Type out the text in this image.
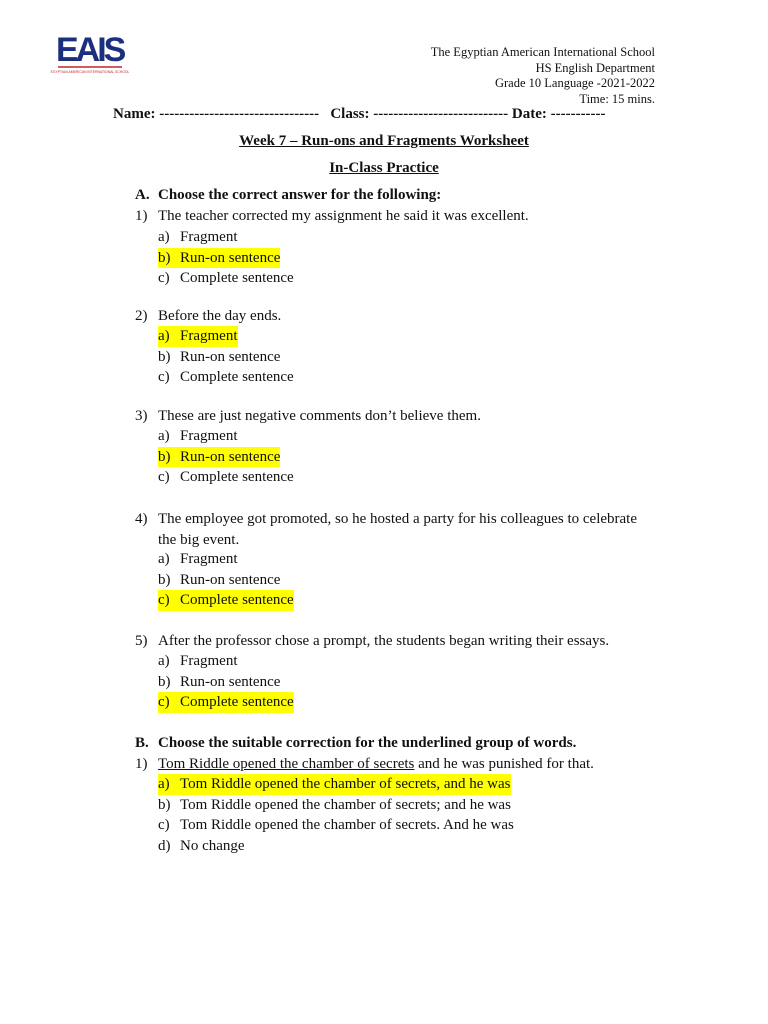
EAIS
EGYPTIAN AMERICAN INTERNATIONAL SCHOOL
The Egyptian American International School
HS English Department
Grade 10 Language -2021-2022
Time: 15 mins.
Name: --------------------------------   Class: --------------------------- Date: -----------
Week 7 – Run-ons and Fragments Worksheet
In-Class Practice
A. Choose the correct answer for the following:
1) The teacher corrected my assignment he said it was excellent.
a) Fragment
b) Run-on sentence
c) Complete sentence
2) Before the day ends.
a) Fragment
b) Run-on sentence
c) Complete sentence
3) These are just negative comments don’t believe them.
a) Fragment
b) Run-on sentence
c) Complete sentence
4) The employee got promoted, so he hosted a party for his colleagues to celebrate the big event.
a) Fragment
b) Run-on sentence
c) Complete sentence
5) After the professor chose a prompt, the students began writing their essays.
a) Fragment
b) Run-on sentence
c) Complete sentence
B. Choose the suitable correction for the underlined group of words.
1) Tom Riddle opened the chamber of secrets and he was punished for that.
a) Tom Riddle opened the chamber of secrets, and he was
b) Tom Riddle opened the chamber of secrets; and he was
c) Tom Riddle opened the chamber of secrets. And he was
d) No change
